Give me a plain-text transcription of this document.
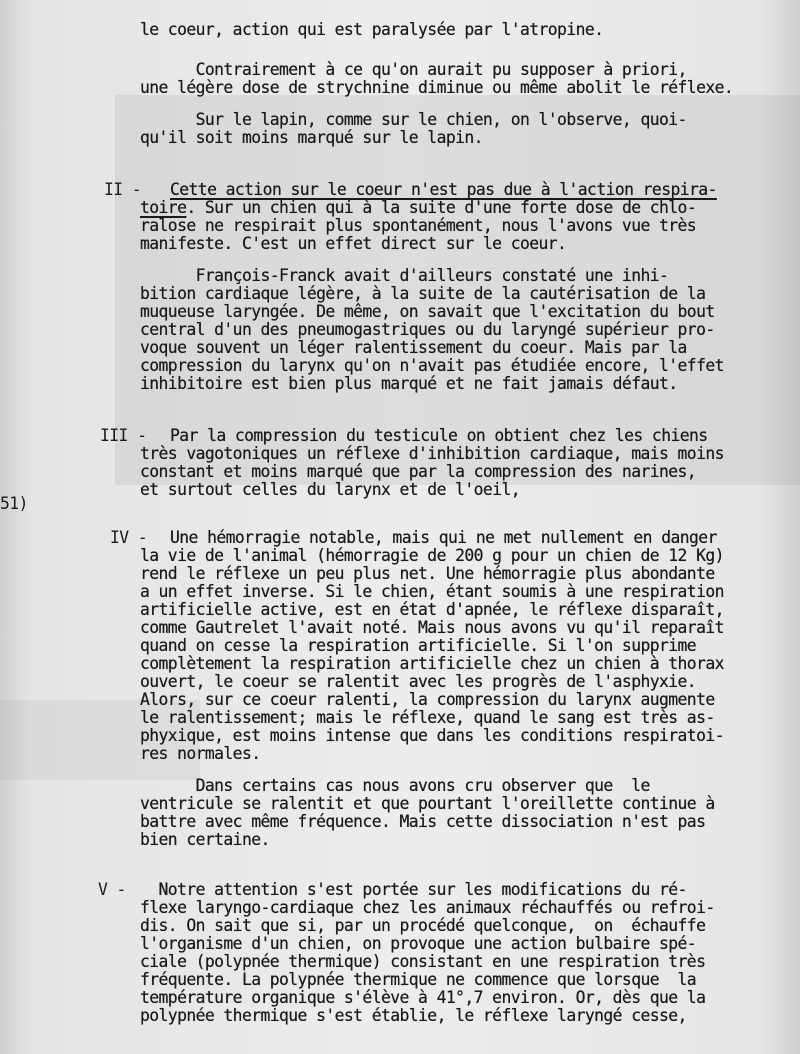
le coeur, action qui est paralysée par l'atropine.

Contrairement à ce qu'on aurait pu supposer à priori,

une légère dose de strychnine diminue ou même abolit le réflexe.

Sur le lapin, comme sur le chien, on l'observe, quoi-

qu'il soit moins marqué sur le lapin.

II - Cette action sur le coeur n'est pas due à l'action respira-

toire. Sur un chien qui à la suite d'une forte dose de chlo-

ralose ne respirait plus spontanément, nous l'avons vue très

manifeste. C'est un effet direct sur le coeur.

François-Franck avait d'ailleurs constaté une inhi-

bition cardiaque légère, à la suite de la cautérisation de la

muqueuse laryngée. De même, on savait que l'excitation du bout

central d'un des pneumogastriques ou du laryngé supérieur pro-

voque souvent un léger ralentissement du coeur. Mais par la

compression du larynx qu'on n'avait pas étudiée encore, l'effet

inhibitoire est bien plus marqué et ne fait jamais défaut.

III - Par la compression du testicule on obtient chez les chiens

très vagotoniques un réflexe d'inhibition cardiaque, mais moins

constant et moins marqué que par la compression des narines,

et surtout celles du larynx et de l'oeil,

51)

IV - Une hémorragie notable, mais qui ne met nullement en danger

la vie de l'animal (hémorragie de 200 g pour un chien de 12 Kg)

rend le réflexe un peu plus net. Une hémorragie plus abondante

a un effet inverse. Si le chien, étant soumis à une respiration

artificielle active, est en état d'apnée, le réflexe disparaît,

comme Gautrelet l'avait noté. Mais nous avons vu qu'il reparaît

quand on cesse la respiration artificielle. Si l'on supprime

complètement la respiration artificielle chez un chien à thorax

ouvert, le coeur se ralentit avec les progrès de l'asphyxie.

Alors, sur ce coeur ralenti, la compression du larynx augmente

le ralentissement; mais le réflexe, quand le sang est très as-

phyxique, est moins intense que dans les conditions respiratoi-

res normales.

Dans certains cas nous avons cru observer que  le

ventricule se ralentit et que pourtant l'oreillette continue à

battre avec même fréquence. Mais cette dissociation n'est pas

bien certaine.

V - Notre attention s'est portée sur les modifications du ré-

flexe laryngo-cardiaque chez les animaux réchauffés ou refroi-

dis. On sait que si, par un procédé quelconque,  on  échauffe

l'organisme d'un chien, on provoque une action bulbaire spé-

ciale (polypnée thermique) consistant en une respiration très

fréquente. La polypnée thermique ne commence que lorsque  la

température organique s'élève à 41°,7 environ. Or, dès que la

polypnée thermique s'est établie, le réflexe laryngé cesse,
